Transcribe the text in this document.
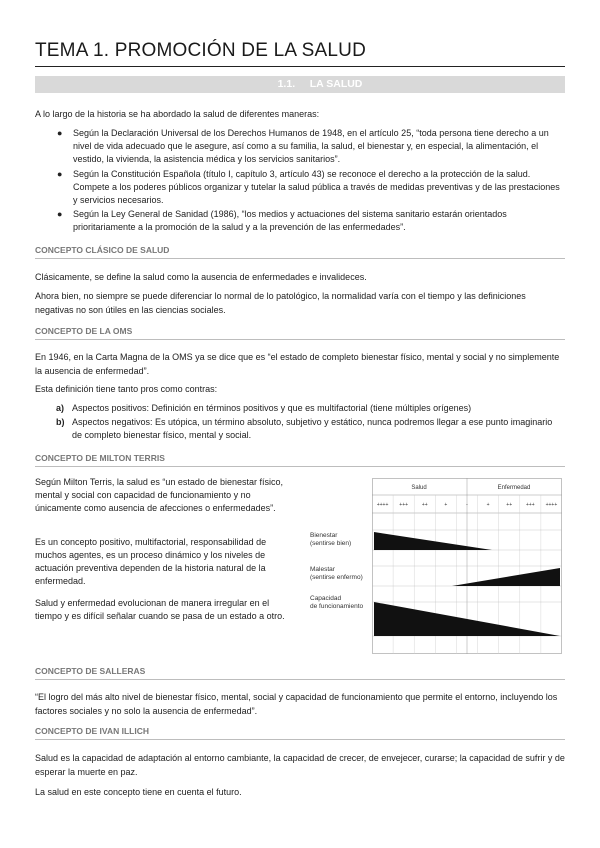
TEMA 1. PROMOCIÓN DE LA SALUD
1.1. LA SALUD
A lo largo de la historia se ha abordado la salud de diferentes maneras:
● Según la Declaración Universal de los Derechos Humanos de 1948, en el artículo 25, “toda persona tiene derecho a un nivel de vida adecuado que le asegure, así como a su familia, la salud, el bienestar y, en especial, la alimentación, el vestido, la vivienda, la asistencia médica y los servicios sanitarios”.
● Según la Constitución Española (título I, capítulo 3, artículo 43) se reconoce el derecho a la protección de la salud. Compete a los poderes públicos organizar y tutelar la salud pública a través de medidas preventivas y de las prestaciones y servicios necesarios.
● Según la Ley General de Sanidad (1986), “los medios y actuaciones del sistema sanitario estarán orientados prioritariamente a la promoción de la salud y a la prevención de las enfermedades”.
CONCEPTO CLÁSICO DE SALUD
Clásicamente, se define la salud como la ausencia de enfermedades e invalideces.
Ahora bien, no siempre se puede diferenciar lo normal de lo patológico, la normalidad varía con el tiempo y las definiciones negativas no son útiles en las ciencias sociales.
CONCEPTO DE LA OMS
En 1946, en la Carta Magna de la OMS ya se dice que es “el estado de completo bienestar físico, mental y social y no simplemente la ausencia de enfermedad”.
Esta definición tiene tanto pros como contras:
a) Aspectos positivos: Definición en términos positivos y que es multifactorial (tiene múltiples orígenes)
b) Aspectos negativos: Es utópica, un término absoluto, subjetivo y estático, nunca podremos llegar a ese punto imaginario de completo bienestar físico, mental y social.
CONCEPTO DE MILTON TERRIS
Según Milton Terris, la salud es “un estado de bienestar físico, mental y social con capacidad de funcionamiento y no únicamente como ausencia de afecciones o enfermedades”.
Es un concepto positivo, multifactorial, responsabilidad de muchos agentes, es un proceso dinámico y los niveles de actuación preventiva dependen de la historia natural de la enfermedad.
Salud y enfermedad evolucionan de manera irregular en el tiempo y es difícil señalar cuando se pasa de un estado a otro.
Bienestar
(sentirse bien)
Malestar
(sentirse enfermo)
Capacidad
de funcionamiento
Salud	Enfermedad
++++ +++	++	+	-	+	++	+++ ++++
CONCEPTO DE SALLERAS
“El logro del más alto nivel de bienestar físico, mental, social y capacidad de funcionamiento que permite el entorno, incluyendo los factores sociales y no solo la ausencia de enfermedad”.
CONCEPTO DE IVAN ILLICH
Salud es la capacidad de adaptación al entorno cambiante, la capacidad de crecer, de envejecer, curarse; la capacidad de sufrir y de esperar la muerte en paz.
La salud en este concepto tiene en cuenta el futuro.
